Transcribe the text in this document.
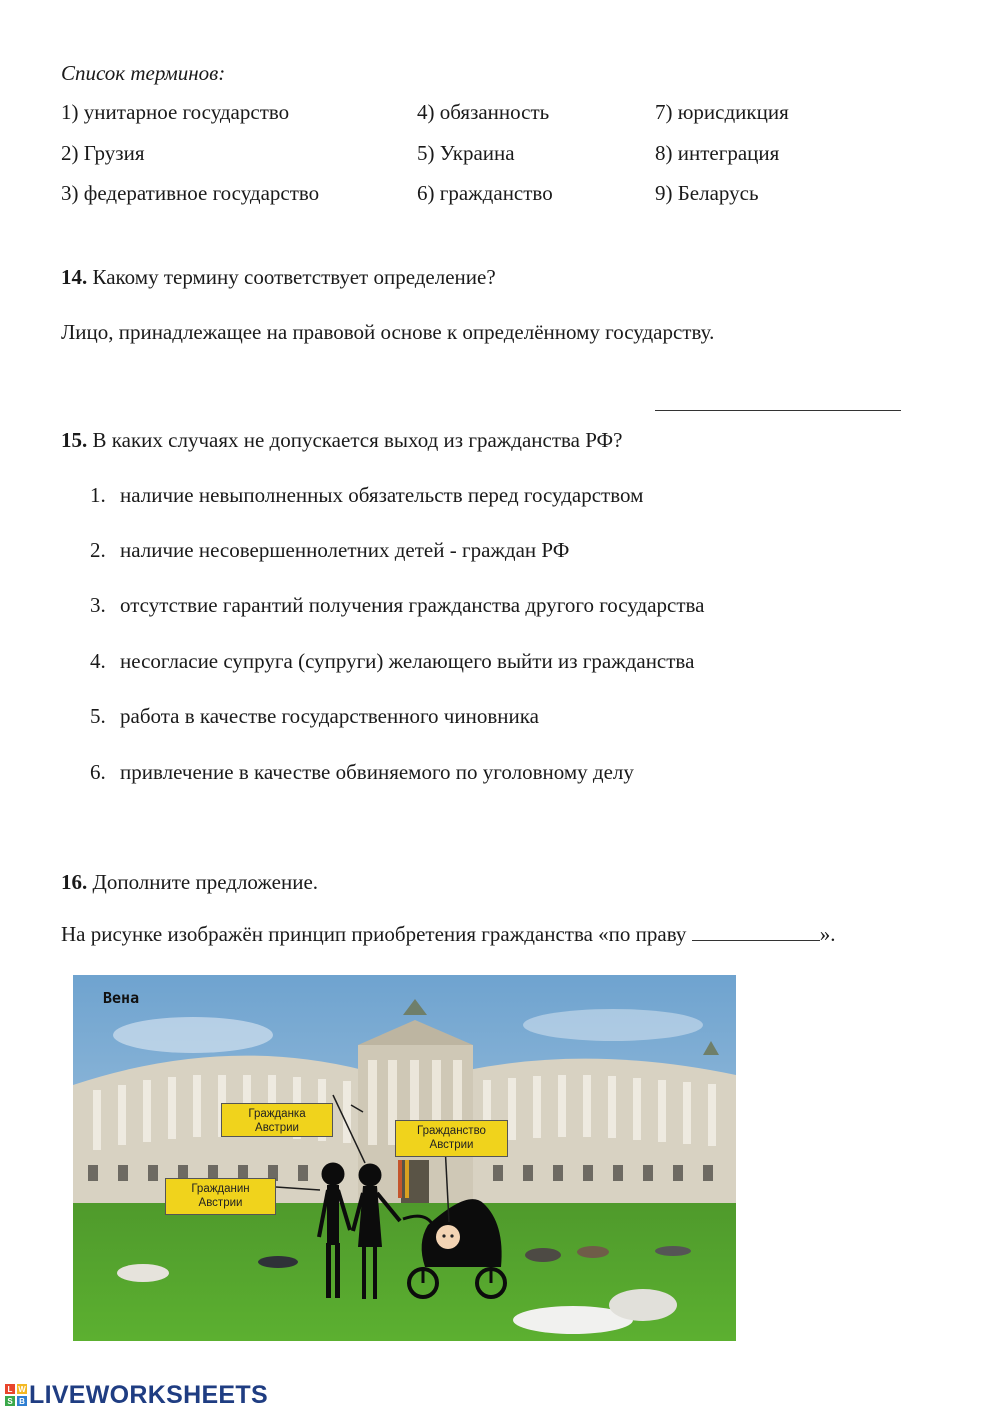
Список терминов:
1) унитарное государство	4) обязанность	7) юрисдикция
2) Грузия	5) Украина	8) интеграция
3) федеративное государство	6) гражданство	9) Беларусь
14. Какому термину соответствует определение?
Лицо, принадлежащее на правовой основе к определённому государству.
15. В каких случаях не допускается выход из гражданства РФ?
1. наличие невыполненных обязательств перед государством
2. наличие несовершеннолетних детей - граждан РФ
3. отсутствие гарантий получения гражданства другого государства
4. несогласие супруга (супруги) желающего выйти из гражданства
5. работа в качестве государственного чиновника
6. привлечение в качестве обвиняемого по уголовному делу
16. Дополните предложение.
На рисунке изображён принцип приобретения гражданства «по праву	».
Вена
Гражданка
Австрии	Гражданство
Австрии
Гражданин
Австрии
L W
S B LIVEWORKSHEETS
